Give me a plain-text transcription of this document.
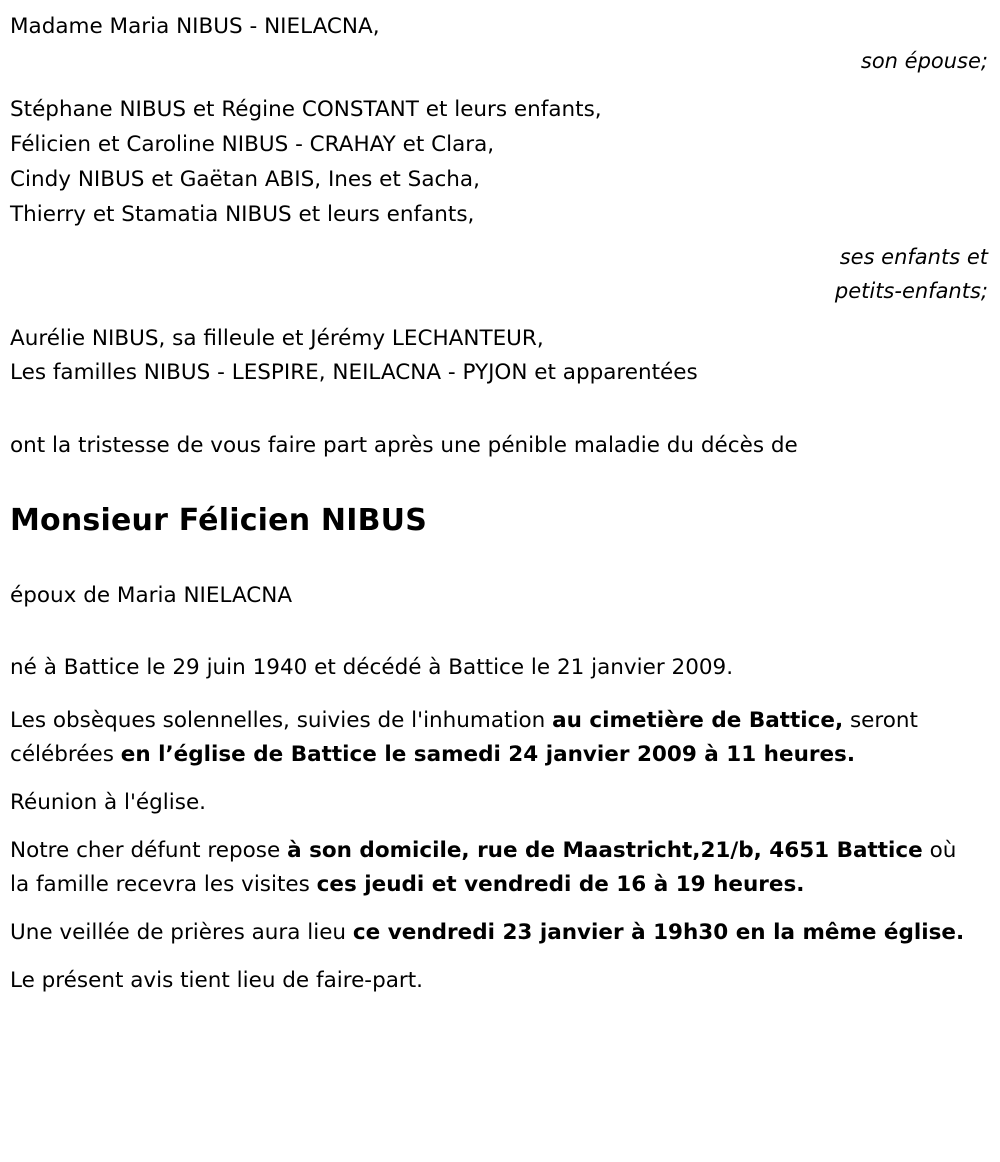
Madame Maria NIBUS - NIELACNA,
son épouse;
Stéphane NIBUS et Régine CONSTANT et leurs enfants,
Félicien et Caroline NIBUS - CRAHAY et Clara,
Cindy NIBUS et Gaëtan ABIS, Ines et Sacha,
Thierry et Stamatia NIBUS et leurs enfants,
ses enfants et
petits-enfants;
Aurélie NIBUS, sa filleule et Jérémy LECHANTEUR,
Les familles NIBUS - LESPIRE, NEILACNA - PYJON et apparentées
ont la tristesse de vous faire part après une pénible maladie du décès de
Monsieur Félicien NIBUS
époux de Maria NIELACNA
né à Battice le 29 juin 1940 et décédé à Battice le 21 janvier 2009.
Les obsèques solennelles, suivies de l'inhumation au cimetière de Battice, seront célébrées en l’église de Battice le samedi 24 janvier 2009 à 11 heures.
Réunion à l'église.
Notre cher défunt repose à son domicile, rue de Maastricht,21/b, 4651 Battice où la famille recevra les visites ces jeudi et vendredi de 16 à 19 heures.
Une veillée de prières aura lieu ce vendredi 23 janvier à 19h30 en la même église.
Le présent avis tient lieu de faire-part.
